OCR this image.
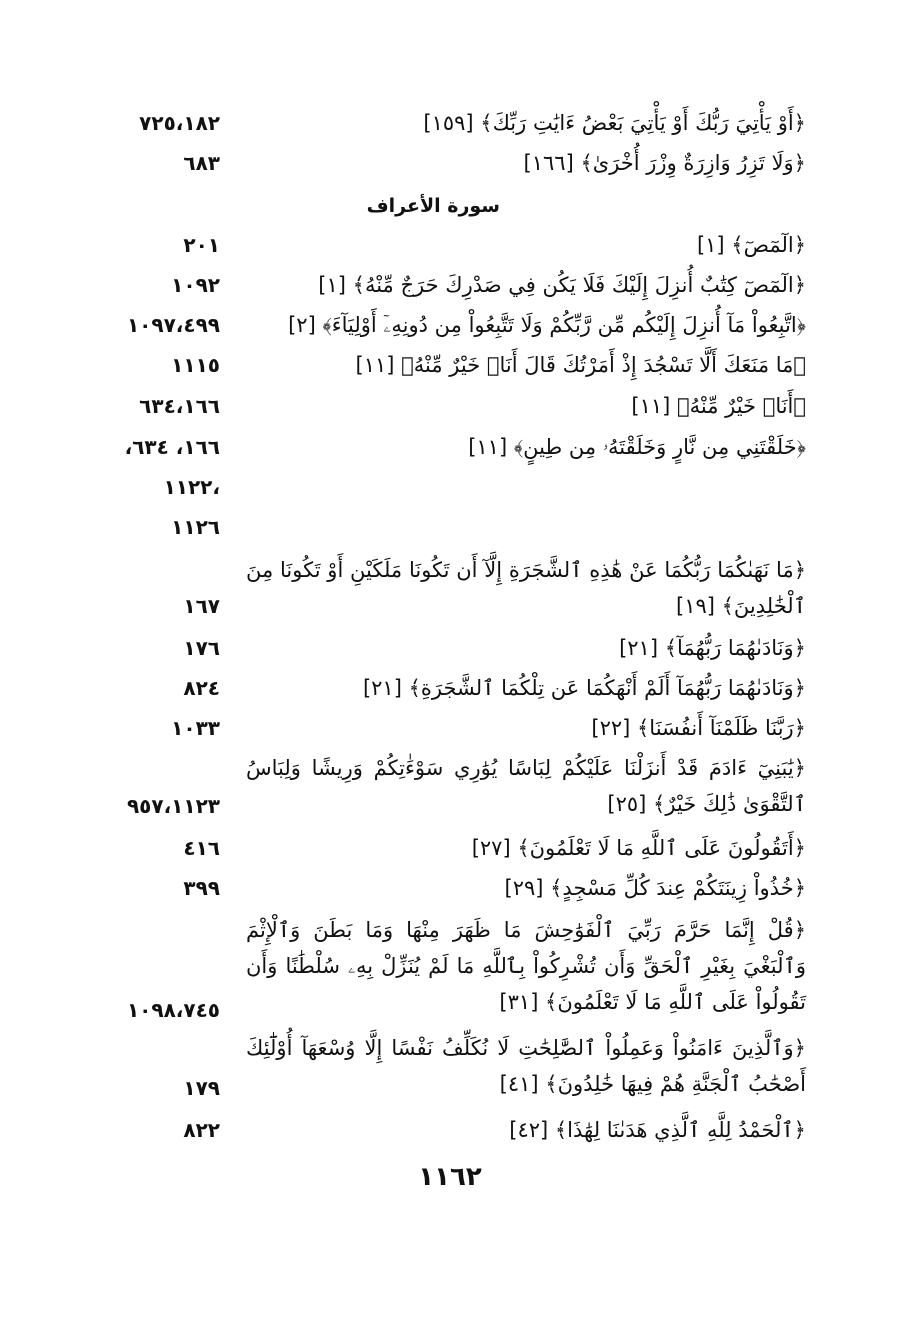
﴿أَوْ يَأْتِيَ رَبُّكَ أَوْ يَأْتِيَ بَعْضُ ءَايَٰتِ رَبِّكَ﴾ [١٥٩]
٧٢٥،١٨٢
﴿وَلَا تَزِرُ وَازِرَةٌ وِزْرَ أُخْرَىٰ﴾ [١٦٦]
٦٨٣
سورة الأعراف
﴿الٓمٓصٓ﴾ [١]
٢٠١
﴿الٓمٓصٓ كِتَٰبٌ أُنزِلَ إِلَيْكَ فَلَا يَكُن فِي صَدْرِكَ حَرَجٌ مِّنْهُ﴾ [١]
١٠٩٢
﴿اتَّبِعُواْ مَآ أُنزِلَ إِلَيْكُم مِّن رَّبِّكُمْ وَلَا تَتَّبِعُواْ مِن دُونِهِۦٓ أَوْلِيَآءَ﴾ [٢]
١٠٩٧،٤٩٩
﴿مَا مَنَعَكَ أَلَّا تَسْجُدَ إِذْ أَمَرْتُكَ قَالَ أَنَا۠ خَيْرٌ مِّنْهُ﴾ [١١]
١١١٥
﴿أَنَا۠ خَيْرٌ مِّنْهُ﴾ [١١]
٦٣٤،١٦٦
﴿خَلَقْتَنِي مِن نَّارٍ وَخَلَقْتَهُۥ مِن طِينٍ﴾ [١١]
١٦٦، ٦٣٤،
،١١٢٢
١١٢٦
﴿مَا نَهَىٰكُمَا رَبُّكُمَا عَنْ هَٰذِهِ ٱلشَّجَرَةِ إِلَّآ أَن تَكُونَا مَلَكَيْنِ أَوْ تَكُونَا مِنَ ٱلْخَٰلِدِينَ﴾ [١٩]
١٦٧
﴿وَنَادَىٰهُمَا رَبُّهُمَآ﴾ [٢١]
١٧٦
﴿وَنَادَىٰهُمَا رَبُّهُمَآ أَلَمْ أَنْهَكُمَا عَن تِلْكُمَا ٱلشَّجَرَةِ﴾ [٢١]
٨٢٤
﴿رَبَّنَا ظَلَمْنَآ أَنفُسَنَا﴾ [٢٢]
١٠٣٣
﴿يَٰبَنِيٓ ءَادَمَ قَدْ أَنزَلْنَا عَلَيْكُمْ لِبَاسًا يُوَٰرِي سَوْءَٰتِكُمْ وَرِيشًا وَلِبَاسُ ٱلتَّقْوَىٰ ذَٰلِكَ خَيْرٌ﴾ [٢٥]
٩٥٧،١١٢٣
﴿أَتَقُولُونَ عَلَى ٱللَّهِ مَا لَا تَعْلَمُونَ﴾ [٢٧]
٤١٦
﴿خُذُواْ زِينَتَكُمْ عِندَ كُلِّ مَسْجِدٍ﴾ [٢٩]
٣٩٩
﴿قُلْ إِنَّمَا حَرَّمَ رَبِّيَ ٱلْفَوَٰحِشَ مَا ظَهَرَ مِنْهَا وَمَا بَطَنَ وَٱلْإِثْمَ وَٱلْبَغْيَ بِغَيْرِ ٱلْحَقِّ وَأَن تُشْرِكُواْ بِٱللَّهِ مَا لَمْ يُنَزِّلْ بِهِۦ سُلْطَٰنًا وَأَن تَقُولُواْ عَلَى ٱللَّهِ مَا لَا تَعْلَمُونَ﴾ [٣١]
١٠٩٨،٧٤٥
﴿وَٱلَّذِينَ ءَامَنُواْ وَعَمِلُواْ ٱلصَّٰلِحَٰتِ لَا نُكَلِّفُ نَفْسًا إِلَّا وُسْعَهَآ أُوْلَٰٓئِكَ أَصْحَٰبُ ٱلْجَنَّةِ هُمْ فِيهَا خَٰلِدُونَ﴾ [٤١]
١٧٩
﴿ٱلْحَمْدُ لِلَّهِ ٱلَّذِي هَدَىٰنَا لِهَٰذَا﴾ [٤٢]
٨٢٢
١١٦٢
